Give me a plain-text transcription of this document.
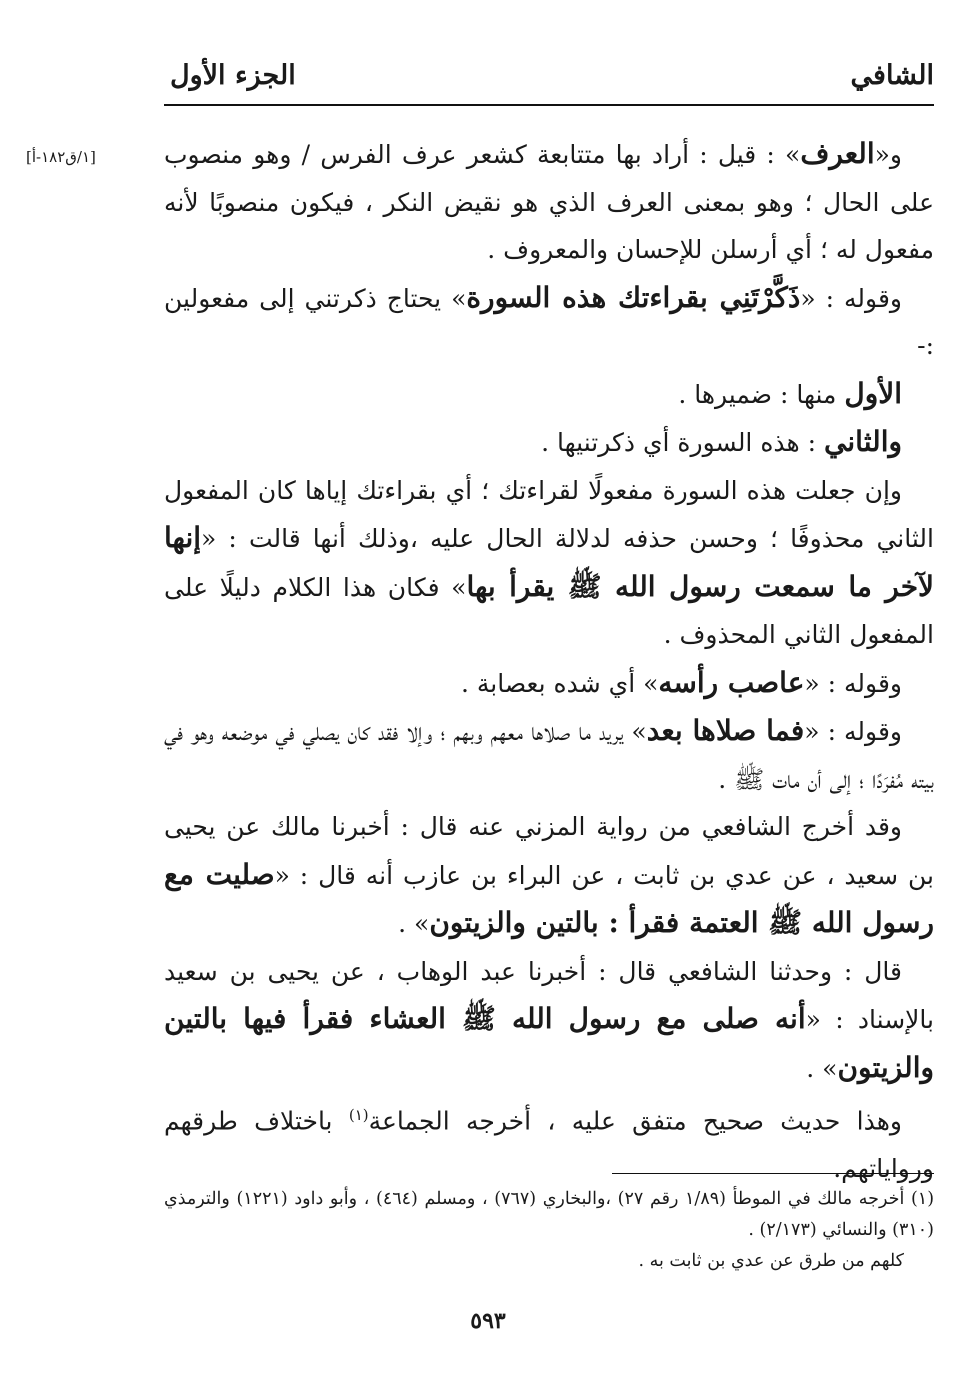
الشافي
الجزء الأول
[١/ق١٨٢-أ]	و«العرف» : قيل : أراد بها متتابعة كشعر عرف الفرس / وهو منصوب على الحال ؛ وهو بمعنى العرف الذي هو نقيض النكر ، فيكون منصوبًا لأنه مفعول له ؛ أي أرسلن للإحسان والمعروف .

وقوله : «ذَكَّرْتَنِي بقراءتك هذه السورة» يحتاج ذكرتني إلى مفعولين :-

الأول منها : ضميرها .

والثاني : هذه السورة أي ذكرتنيها .

وإن جعلت هذه السورة مفعولًا لقراءتك ؛ أي بقراءتك إياها كان المفعول الثاني محذوفًا ؛ وحسن حذفه لدلالة الحال عليه ،وذلك أنها قالت : «إنها لآخر ما سمعت رسول الله ﷺ يقرأ بها» فكان هذا الكلام دليلًا على المفعول الثاني المحذوف .

وقوله : «عاصب رأسه» أي شده بعصابة .

وقوله : «فما صلاها بعد» يريد ما صلاها معهم وبهم ؛ وإلا فقد كان يصلي في موضعه وهو في بيته مُفرَدًا ؛ إلى أن مات ﷺ .

وقد أخرج الشافعي من رواية المزني عنه قال : أخبرنا مالك عن يحيى بن سعيد ، عن عدي بن ثابت ، عن البراء بن عازب أنه قال : «صليت مع رسول الله ﷺ العتمة فقرأ : بالتين والزيتون» .

قال : وحدثنا الشافعي قال : أخبرنا عبد الوهاب ، عن يحيى بن سعيد بالإسناد : «أنه صلى مع رسول الله ﷺ العشاء فقرأ فيها بالتين والزيتون» .

وهذا حديث صحيح متفق عليه ، أخرجه الجماعة$^{(١)}$ باختلاف طرقهم ورواياتهم.

(١) أخرجه مالك في الموطأ (١/٨٩ رقم ٢٧) ،والبخاري (٧٦٧) ، ومسلم (٤٦٤) ، وأبو داود (١٢٢١) والترمذي (٣١٠) والنسائي (٢/١٧٣) .

كلهم من طرق عن عدي بن ثابت به .

٥٩٣
